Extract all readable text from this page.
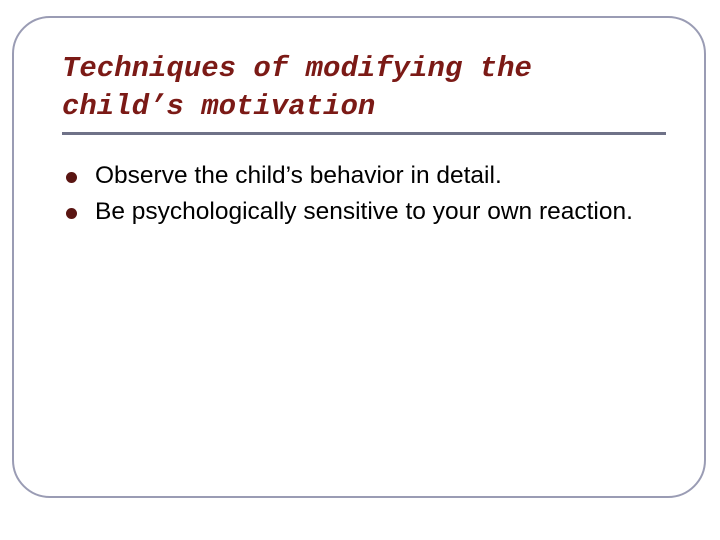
Techniques of modifying the
child’s motivation
Observe the child’s behavior in detail.
Be psychologically sensitive to your own reaction.
